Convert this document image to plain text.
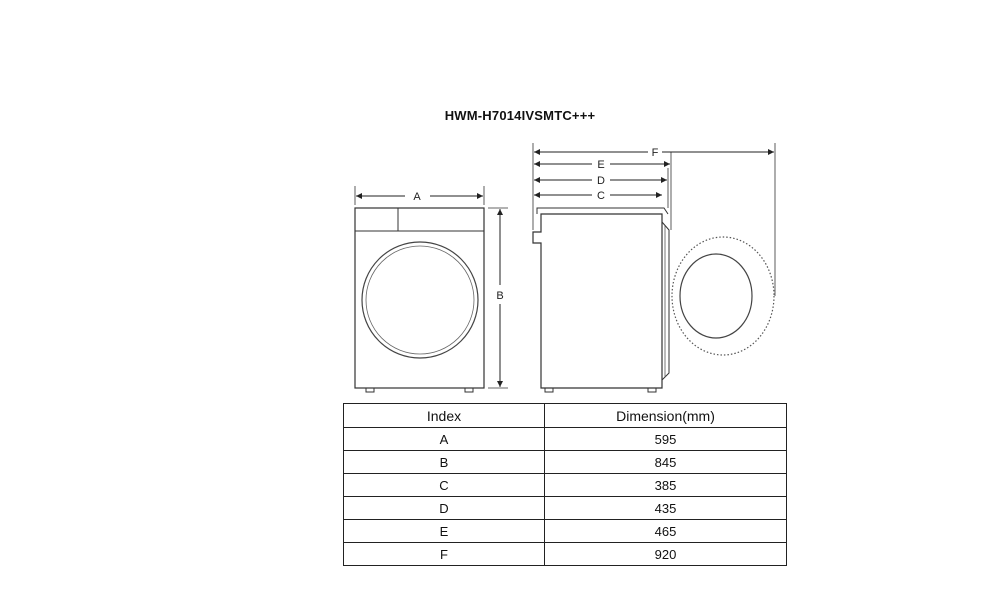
HWM-H7014IVSMTC+++
A
B
F
E
D
C
Index	Dimension(mm)
A	595
B	845
C	385
D	435
E	465
F	920
